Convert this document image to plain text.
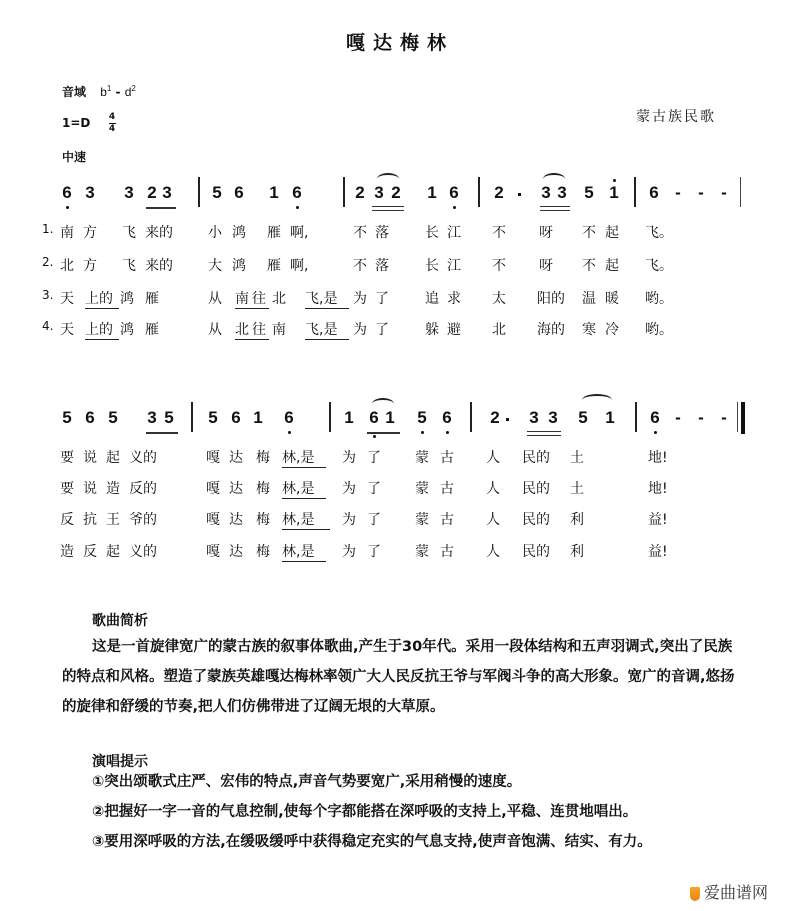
嘎达梅林
音域 $b^1 - d^2$
$1=D \frac{4}{4}$
中速
蒙古族民歌
6 3 3 2 3 5 6 1 6	2 3 2 1 6 2 3 3 5 1 6 - - -
1. 南 方 飞 来的	小 鸿 雁 啊,	不 落	长 江 不 呀 不 起 飞。
2. 北 方 飞 来的	大 鸿 雁 啊,	不 落	长 江 不 呀 不 起 飞。
3. 天 上的 鸿 雁	从 南 往 北 飞,是 为 了	追 求 太 阳的 温 暖 哟。
4. 天 上的 鸿 雁	从 北 往 南 飞,是 为 了	躲 避 北 海的 寒 冷 哟。
5 6 5 3 5 5 6 1 6	1 6 1 5 6 2 3 3 5 1 6 - - -
要 说 起 义的	嘎 达 梅 林,是 为 了 蒙 古 人 民的 土	地!
要 说 造 反的	嘎 达 梅 林,是 为 了 蒙 古 人 民的 土	地!
反 抗 王 爷的	嘎 达 梅 林,是 为 了 蒙 古 人 民的 利	益!
造 反 起 义的	嘎 达 梅 林,是 为 了 蒙 古 人 民的 利	益!
歌曲简析

这是一首旋律宽广的蒙古族的叙事体歌曲,产生于30年代。采用一段体结构和五声羽调式,突出了民族的特点和风格。塑造了蒙族英雄嘎达梅林率领广大人民反抗王爷与军阀斗争的高大形象。宽广的音调,悠扬的旋律和舒缓的节奏,把人们仿佛带进了辽阔无垠的大草原。

演唱提示

①突出颂歌式庄严、宏伟的特点,声音气势要宽广,采用稍慢的速度。

②把握好一字一音的气息控制,使每个字都能搭在深呼吸的支持上,平稳、连贯地唱出。

③要用深呼吸的方法,在缓吸缓呼中获得稳定充实的气息支持,使声音饱满、结实、有力。

爱曲谱网
